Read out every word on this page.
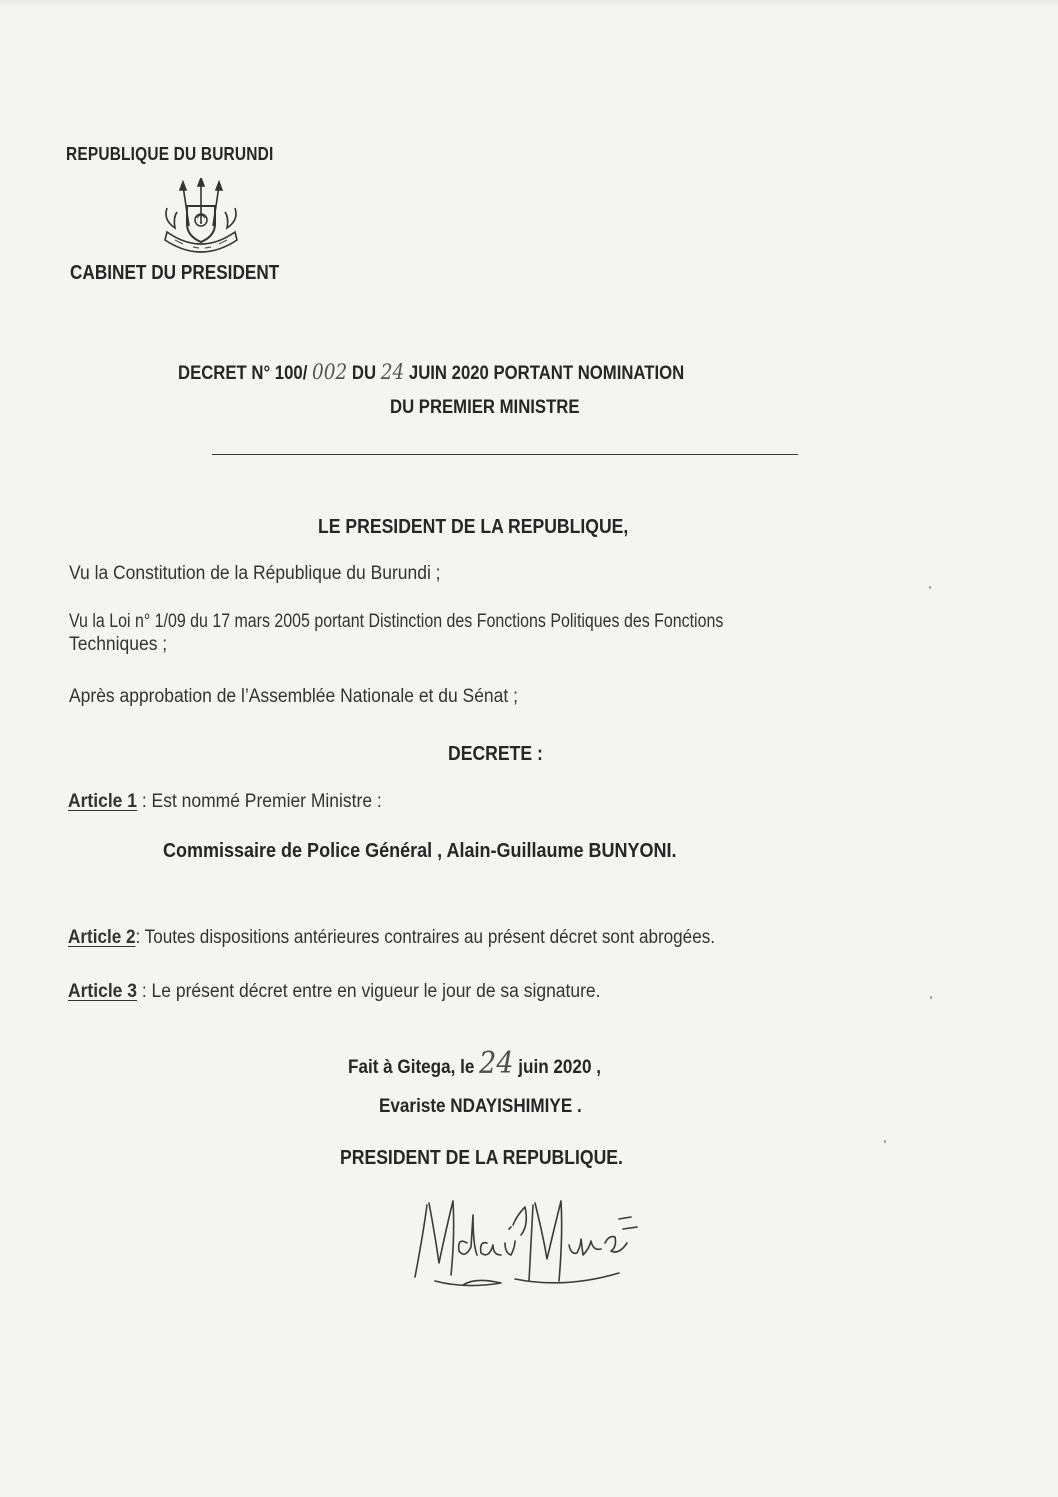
REPUBLIQUE DU BURUNDI
CABINET DU PRESIDENT
DECRET N° 100/ 002 DU 24 JUIN 2020 PORTANT NOMINATION
DU PREMIER MINISTRE
LE PRESIDENT DE LA REPUBLIQUE,
Vu la Constitution de la République du Burundi ;
Vu la Loi n° 1/09 du 17 mars 2005 portant Distinction des Fonctions Politiques des Fonctions
Techniques ;
Après approbation de l’Assemblée Nationale et du Sénat ;
DECRETE :
Article 1 : Est nommé Premier Ministre :
Commissaire de Police Général , Alain-Guillaume BUNYONI.
Article 2: Toutes dispositions antérieures contraires au présent décret sont abrogées.
Article 3 : Le présent décret entre en vigueur le jour de sa signature.
Fait à Gitega, le 24 juin 2020 ,
Evariste NDAYISHIMIYE .
PRESIDENT DE LA REPUBLIQUE.
